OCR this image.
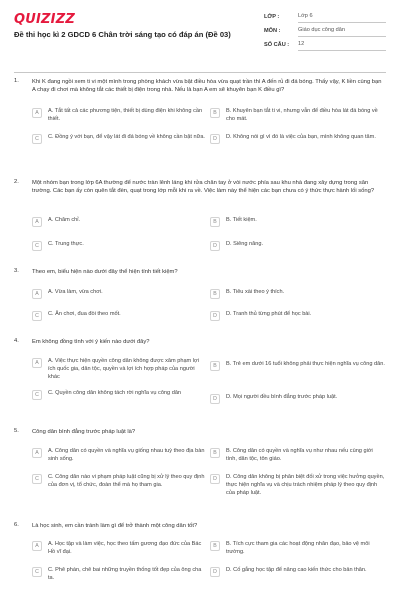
QUIZIZZ
Đề thi học kì 2 GDCD 6 Chân trời sáng tạo có đáp án (Đề 03)
LỚP :	Lớp 6
MÔN :	Giáo dục công dân
SỐ CÂU :	12
1. Khi K đang ngồi xem ti vi một mình trong phòng khách vừa bật điều hòa vừa quạt trần thì A đến rủ đi đá bóng. Thấy vậy, K liền cùng bạn A chạy đi chơi mà không tắt các thiết bị điện trong nhà. Nếu là bạn A em sẽ khuyên bạn K điều gì?
A	A. Tắt tất cả các phương tiện, thiết bị dùng điện khi không cần thiết.
B	B. Khuyên bạn tắt ti vi, nhưng vẫn để điều hòa lát đá bóng về cho mát.
C	C. Đồng ý với bạn, để vậy lát đi đá bóng về không cần bật nữa.	D	D. Không nói gì vì đó là việc của bạn, mình không quan tâm.
2. Một nhóm bạn trong lớp 6A thường để nước tràn lênh láng khi rửa chân tay ở vòi nước phía sau khu nhà đang xây dựng trong sân trường. Các bạn ấy còn quên tắt đèn, quạt trong lớp mỗi khi ra về. Việc làm này thể hiện các bạn chưa có ý thức thực hành lối sống?
A	A. Chăm chỉ.	B	B. Tiết kiệm.
C	C. Trung thực.	D	D. Siêng năng.
3. Theo em, biểu hiện nào dưới đây thể hiện tính tiết kiệm?
A	A. Vừa làm, vừa chơi.	B	B. Tiêu xài theo ý thích.
C	C. Ăn chơi, đua đòi theo mốt.	D	D. Tranh thủ từng phút để học bài.
4. Em không đồng tình với ý kiến nào dưới đây?
A	A. Việc thực hiện quyền công dân không được xâm phạm lợi ích quốc gia, dân tộc, quyền và lợi ích hợp pháp của người khác
B	B. Trẻ em dưới 16 tuổi không phải thực hiện nghĩa vụ công dân.
C	C. Quyền công dân không tách rời nghĩa vụ công dân
D	D. Mọi người đều bình đẳng trước pháp luật.
5. Công dân bình đẳng trước pháp luật là?
A	A. Công dân có quyền và nghĩa vụ giống nhau tuỳ theo địa bàn sinh sống.
B	B. Công dân có quyền và nghĩa vụ như nhau nếu cùng giới tính, dân tộc, tôn giáo.
C	C. Công dân nào vi phạm pháp luật cũng bị xử lý theo quy định của đơn vị, tổ chức, đoàn thể mà họ tham gia.
D	D. Công dân không bị phân biệt đối xử trong việc hưởng quyền, thực hiện nghĩa vụ và chịu trách nhiệm pháp lý theo quy định của pháp luật.
6. Là học sinh, em cần tránh làm gì để trở thành một công dân tốt?
A	A. Học tập và làm việc, học theo tấm gương đạo đức của Bác Hồ vĩ đại.
B	B. Tích cực tham gia các hoạt động nhân đạo, bảo vệ môi trường.
C	C. Phê phán, chê bai những truyền thống tốt đẹp của ông cha ta.
D	D. Cố gắng học tập để nâng cao kiến thức cho bản thân.
